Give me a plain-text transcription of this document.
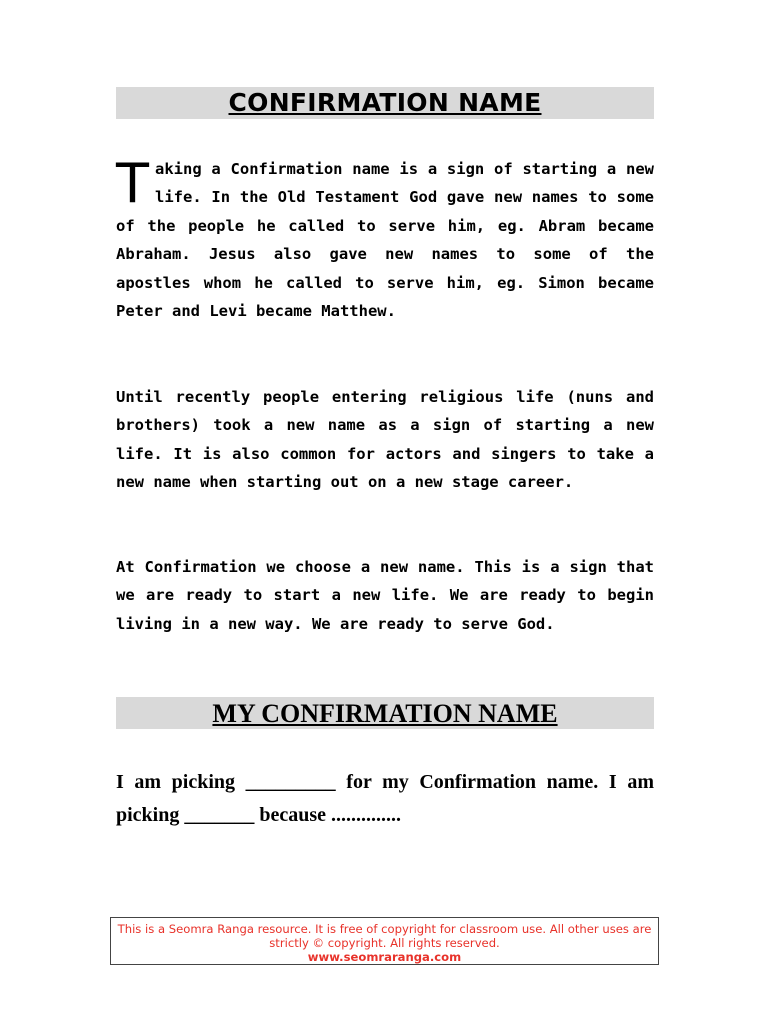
CONFIRMATION NAME

Taking a Confirmation name is a sign of starting a new life. In the Old Testament God gave new names to some of the people he called to serve him, eg. Abram became Abraham. Jesus also gave new names to some of the apostles whom he called to serve him, eg. Simon became Peter and Levi became Matthew.

Until recently people entering religious life (nuns and brothers) took a new name as a sign of starting a new life. It is also common for actors and singers to take a new name when starting out on a new stage career.

At Confirmation we choose a new name. This is a sign that we are ready to start a new life. We are ready to begin living in a new way. We are ready to serve God.

MY CONFIRMATION NAME

I am picking _________ for my Confirmation name. I am picking _______ because ..............

This is a Seomra Ranga resource. It is free of copyright for classroom use. All other uses are strictly © copyright. All rights reserved.
www.seomraranga.com
